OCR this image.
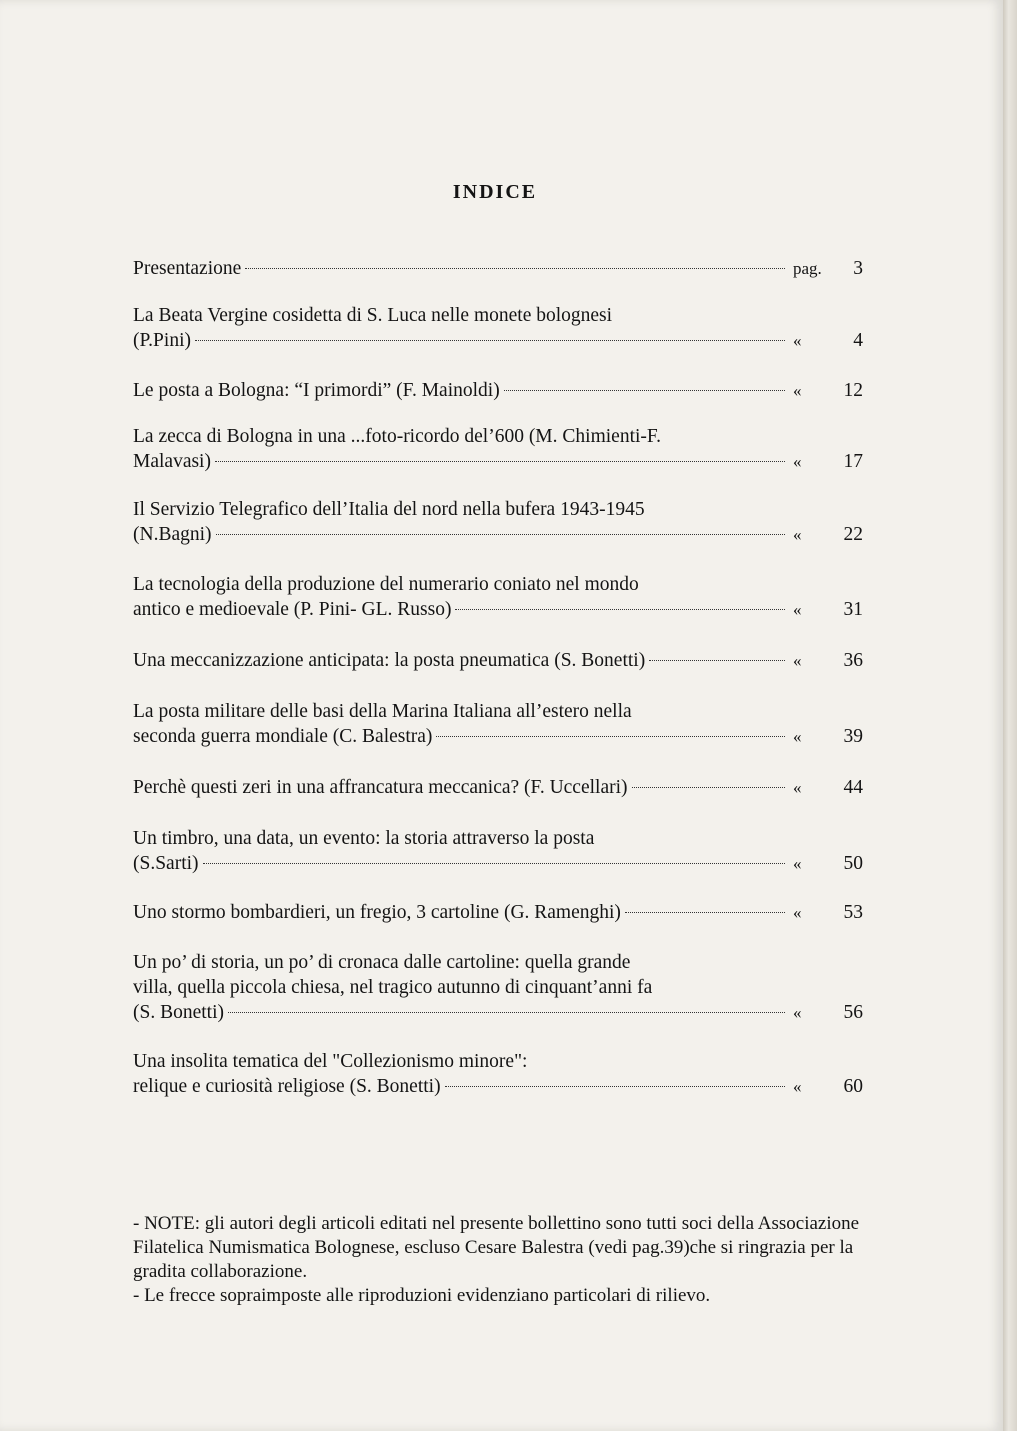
INDICE
Presentazione	pag.	3
La Beata Vergine cosidetta di S. Luca nelle monete bolognesi
(P.Pini)	«	4
Le posta a Bologna: “I primordi” (F. Mainoldi)	«	12
La zecca di Bologna in una ...foto-ricordo del’600 (M. Chimienti-F.
Malavasi)	«	17
Il Servizio Telegrafico dell’Italia del nord nella bufera 1943-1945
(N.Bagni)	«	22
La tecnologia della produzione del numerario coniato nel mondo
antico e medioevale (P. Pini- GL. Russo)	«	31
Una meccanizzazione anticipata: la posta pneumatica (S. Bonetti)	«	36
La posta militare delle basi della Marina Italiana all’estero nella
seconda guerra mondiale (C. Balestra)	«	39
Perchè questi zeri in una affrancatura meccanica? (F. Uccellari)	«	44
Un timbro, una data, un evento: la storia attraverso la posta
(S.Sarti)	«	50
Uno stormo bombardieri, un fregio, 3 cartoline (G. Ramenghi)	«	53
Un po’ di storia, un po’ di cronaca dalle cartoline: quella grande
villa, quella piccola chiesa, nel tragico autunno di cinquant’anni fa
(S. Bonetti)	«	56
Una insolita tematica del "Collezionismo minore":
relique e curiosità religiose (S. Bonetti)	«	60

- NOTE: gli autori degli articoli editati nel presente bollettino sono tutti soci della Associazione Filatelica Numismatica Bolognese, escluso Cesare Balestra (vedi pag.39)che si ringrazia per la gradita collaborazione.

- Le frecce sopraimposte alle riproduzioni evidenziano particolari di rilievo.
